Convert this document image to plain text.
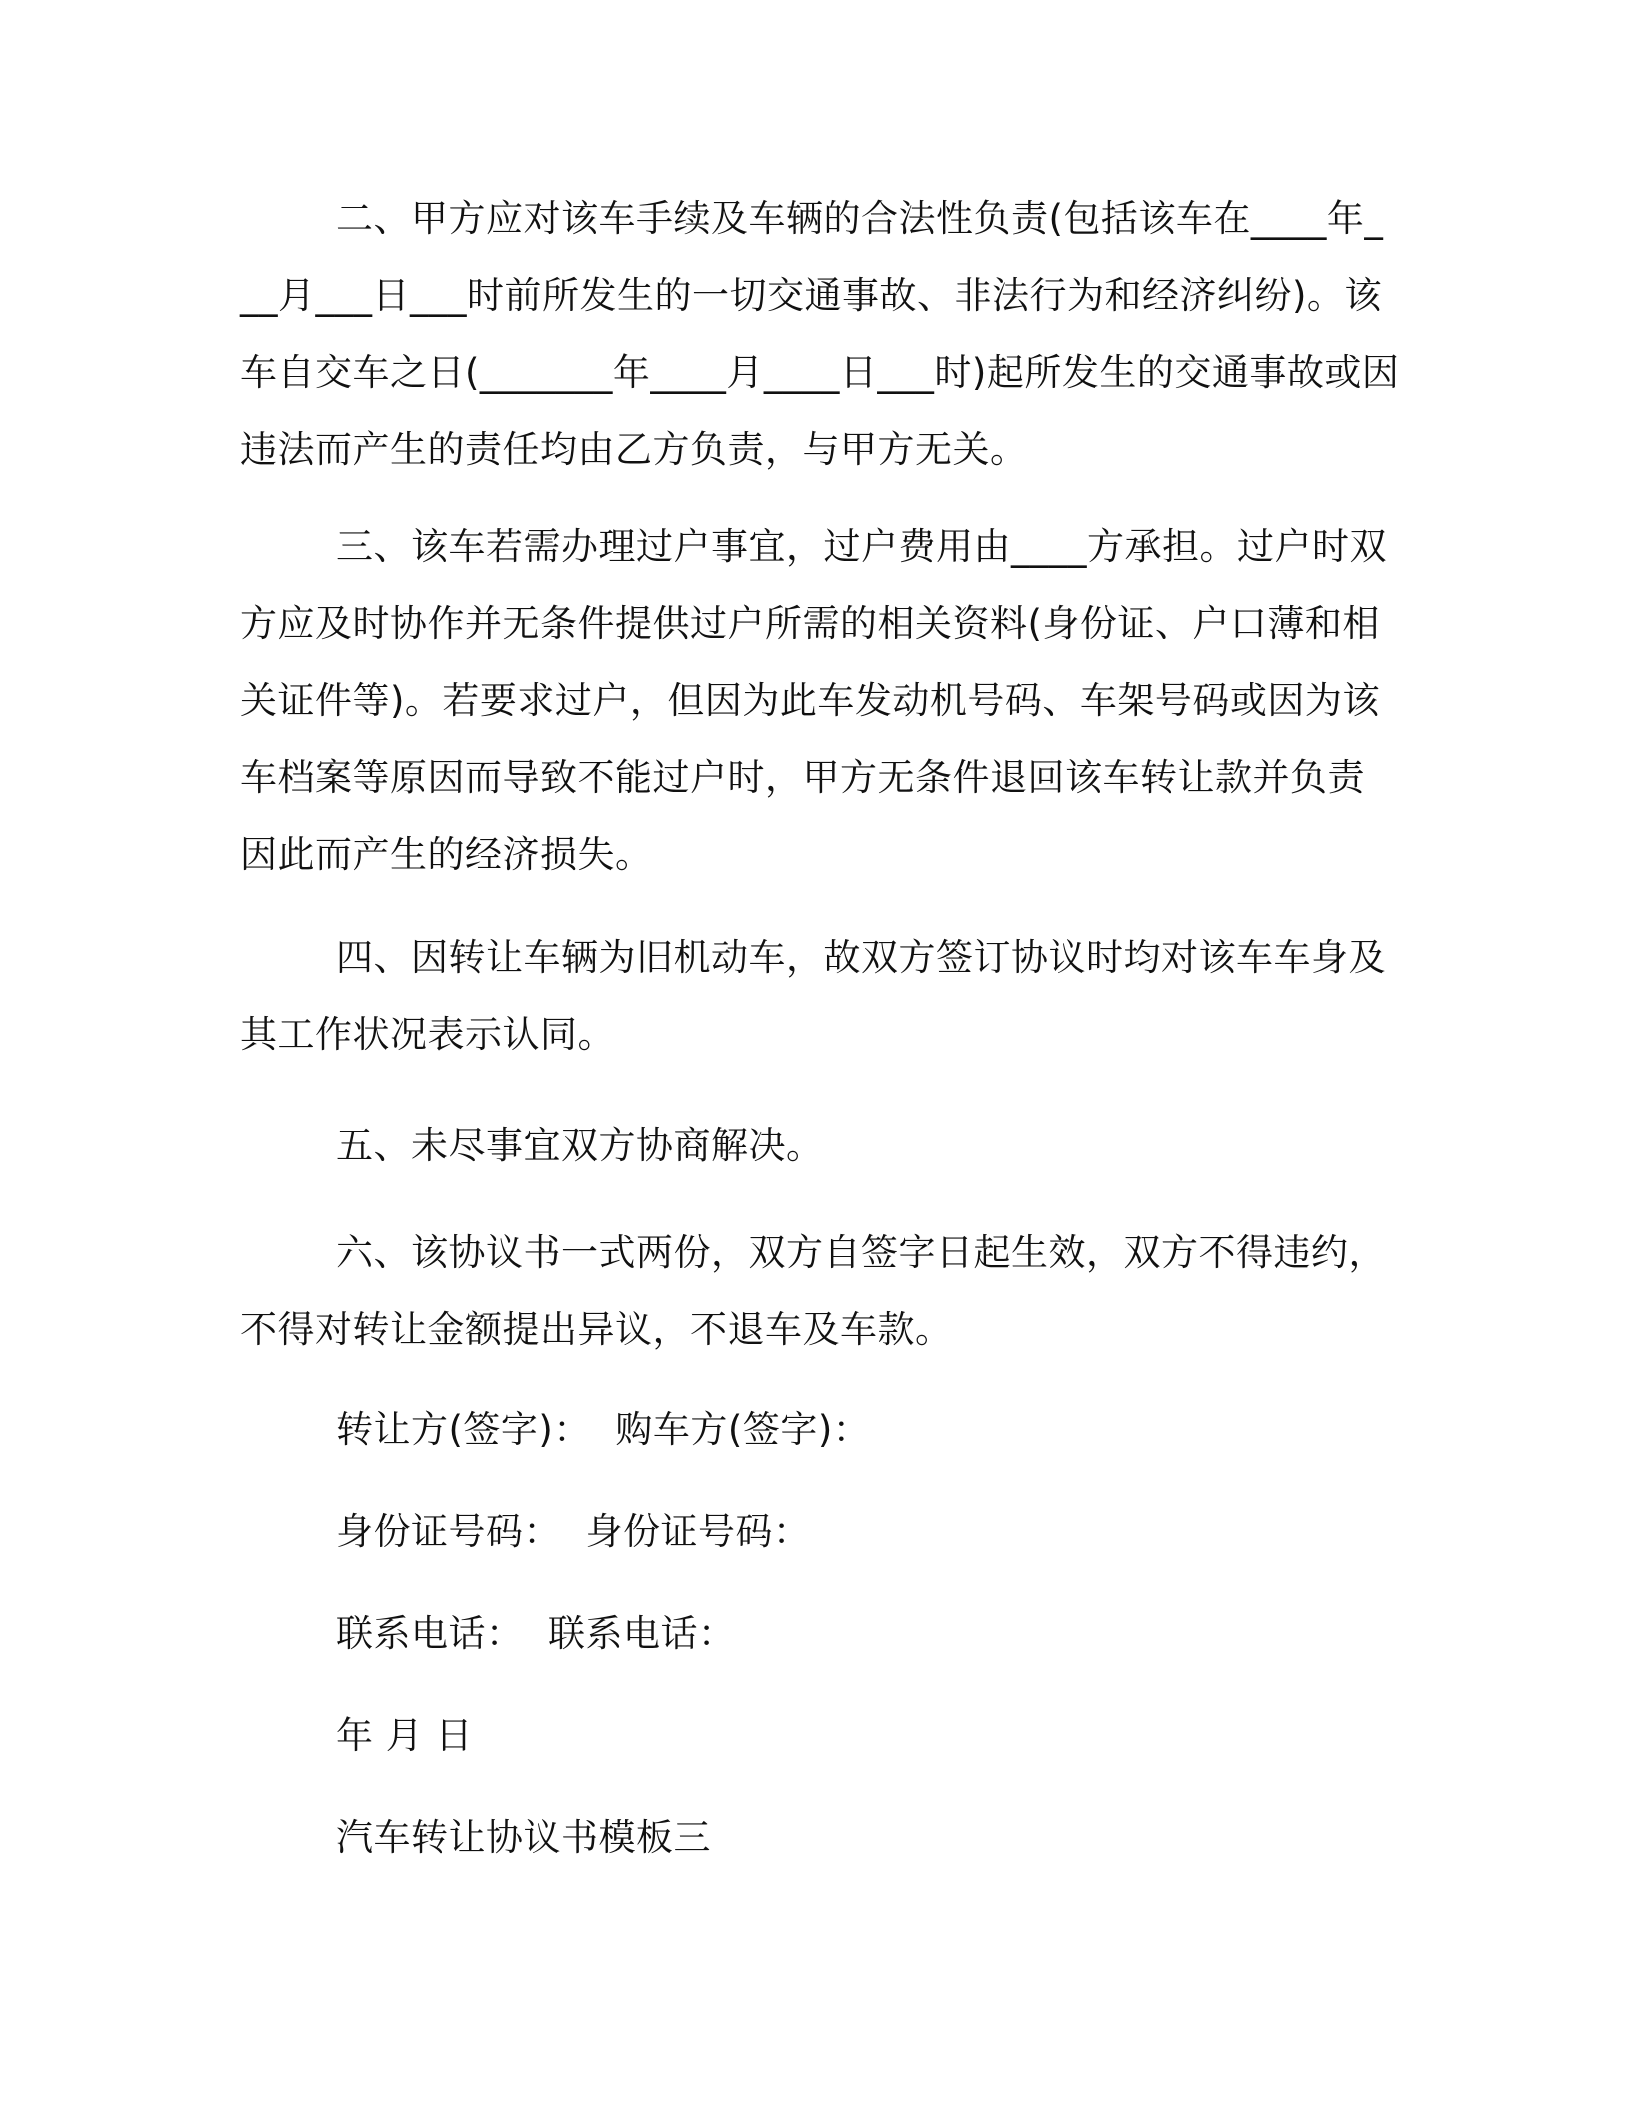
二、甲方应对该车手续及车辆的合法性负责(包括该车在____年___月___日___时前所发生的一切交通事故、非法行为和经济纠纷)。该车自交车之日(_______年____月____日___时)起所发生的交通事故或因违法而产生的责任均由乙方负责，与甲方无关。
三、该车若需办理过户事宜，过户费用由____方承担。过户时双方应及时协作并无条件提供过户所需的相关资料(身份证、户口薄和相关证件等)。若要求过户，但因为此车发动机号码、车架号码或因为该车档案等原因而导致不能过户时，甲方无条件退回该车转让款并负责因此而产生的经济损失。
四、因转让车辆为旧机动车，故双方签订协议时均对该车车身及其工作状况表示认同。
五、未尽事宜双方协商解决。
六、该协议书一式两份，双方自签字日起生效，双方不得违约，不得对转让金额提出异议，不退车及车款。
转让方(签字)：  购车方(签字)：
身份证号码：  身份证号码：
联系电话：  联系电话：
年 月 日
汽车转让协议书模板三
